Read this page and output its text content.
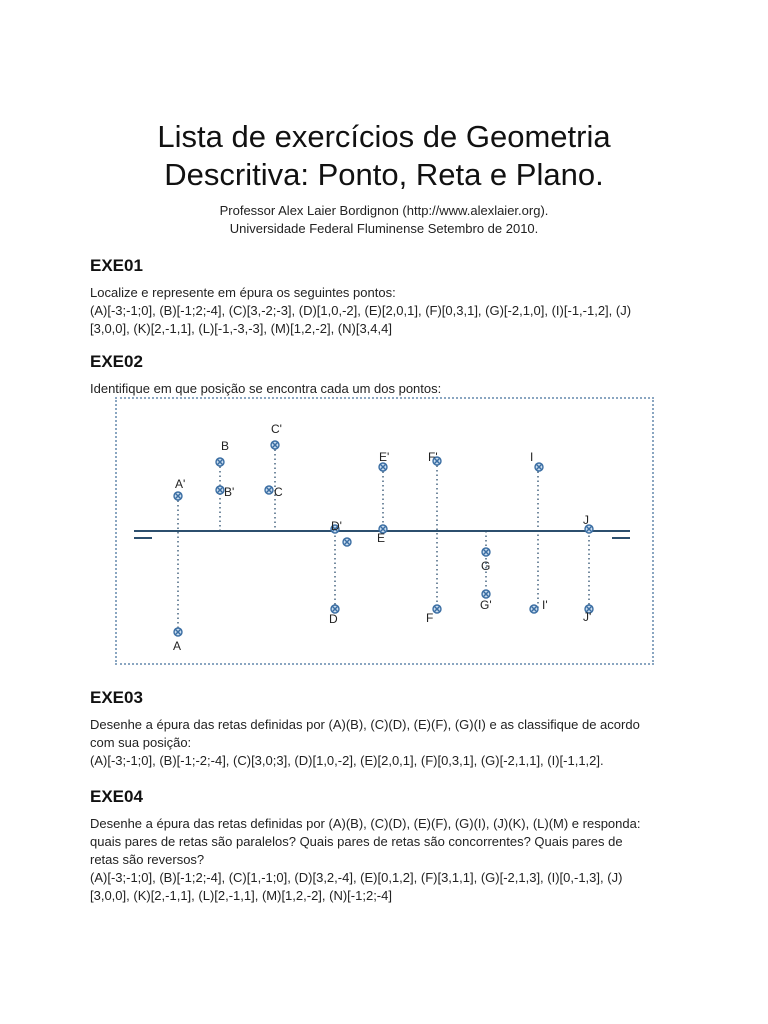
Lista de exercícios de Geometria
Descritiva: Ponto, Reta e Plano.
Professor Alex Laier Bordignon (http://www.alexlaier.org).
Universidade Federal Fluminense Setembro de 2010.
EXE01
Localize e represente em épura os seguintes pontos:
(A)[-3;-1;0], (B)[-1;2;-4], (C)[3,-2;-3], (D)[1,0,-2], (E)[2,0,1], (F)[0,3,1], (G)[-2,1,0], (I)[-1,-1,2], (J)
[3,0,0], (K)[2,-1,1], (L)[-1,-3,-3], (M)[1,2,-2], (N)[3,4,4]
EXE02
Identifique em que posição se encontra cada um dos pontos:
A'
A
B
B'
C'
C
D'
D
E'
E
F'
F
G
G'
I
I'
J
J'
EXE03
Desenhe a épura das retas definidas por (A)(B), (C)(D), (E)(F), (G)(I) e as classifique de acordo
com sua posição:
(A)[-3;-1;0], (B)[-1;-2;-4], (C)[3,0;3], (D)[1,0,-2], (E)[2,0,1], (F)[0,3,1], (G)[-2,1,1], (I)[-1,1,2].
EXE04
Desenhe a épura das retas definidas por (A)(B), (C)(D), (E)(F), (G)(I), (J)(K), (L)(M) e responda:
quais pares de retas são paralelos? Quais pares de retas são concorrentes? Quais pares de
retas são reversos?
(A)[-3;-1;0], (B)[-1;2;-4], (C)[1,-1;0], (D)[3,2,-4], (E)[0,1,2], (F)[3,1,1], (G)[-2,1,3], (I)[0,-1,3], (J)
[3,0,0], (K)[2,-1,1], (L)[2,-1,1], (M)[1,2,-2], (N)[-1;2;-4]
